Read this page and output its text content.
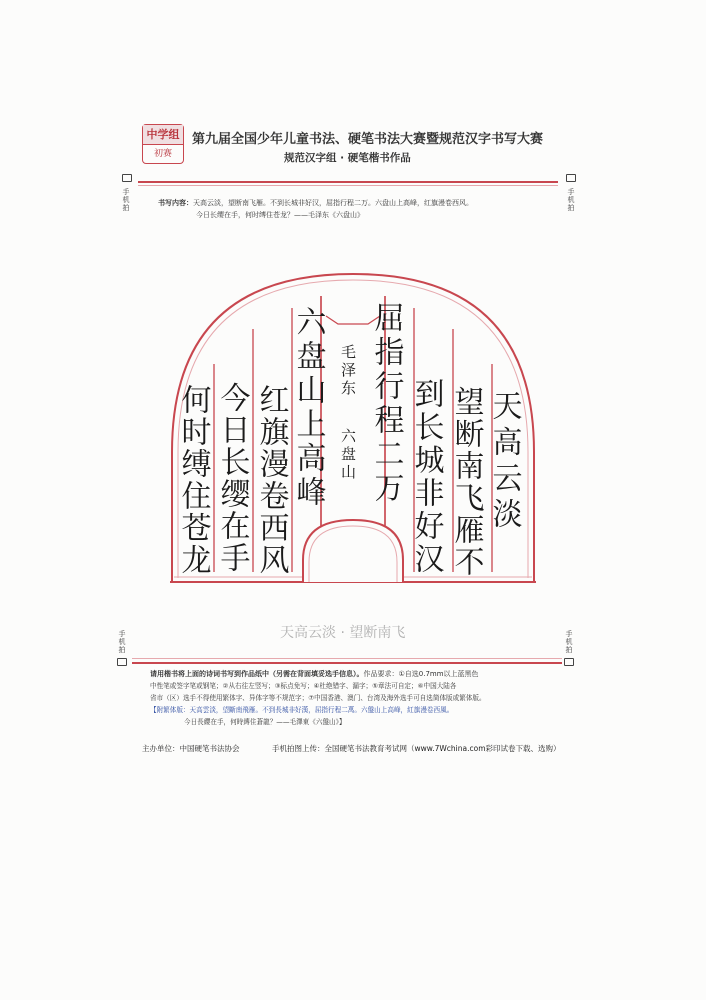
中学组
初赛
第九届全国少年儿童书法、硬笔书法大赛暨规范汉字书写大赛
规范汉字组 · 硬笔楷书作品
手机拍
手机拍
书写内容：天高云淡，望断南飞雁。不到长城非好汉，屈指行程二万。六盘山上高峰，红旗漫卷西风。
今日长缨在手，何时缚住苍龙？——毛泽东《六盘山》
天高云淡
望断南飞雁不
到长城非好汉
屈指行程二万
毛泽东
六盘山
六盘山上高峰
红旗漫卷西风
今日长缨在手
何时缚住苍龙
天高云淡 · 望断南飞
手机拍
手机拍
请用楷书将上面的诗词书写到作品纸中（另需在背面填妥选手信息）。作品要求：①自选0.7mm以上蓝黑色
中性笔或签字笔或钢笔；②从右往左竖写；③标点免写；④杜绝错字、漏字；⑤章法可自定；⑥中国大陆各
省市（区）选手不得使用繁体字、异体字等不规范字；⑦中国香港、澳门、台湾及海外选手可自选简体版或繁体版。
【附繁体版：天高雲淡，望斷南飛雁。不到長城非好漢，屈指行程二萬。六盤山上高峰，紅旗漫卷西風。
今日長纓在手，何時縛住蒼龍？——毛澤東《六盤山》】
主办单位：中国硬笔书法协会	手机拍图上传：全国硬笔书法教育考试网（www.7Wchina.com彩印试卷下载、选购）
